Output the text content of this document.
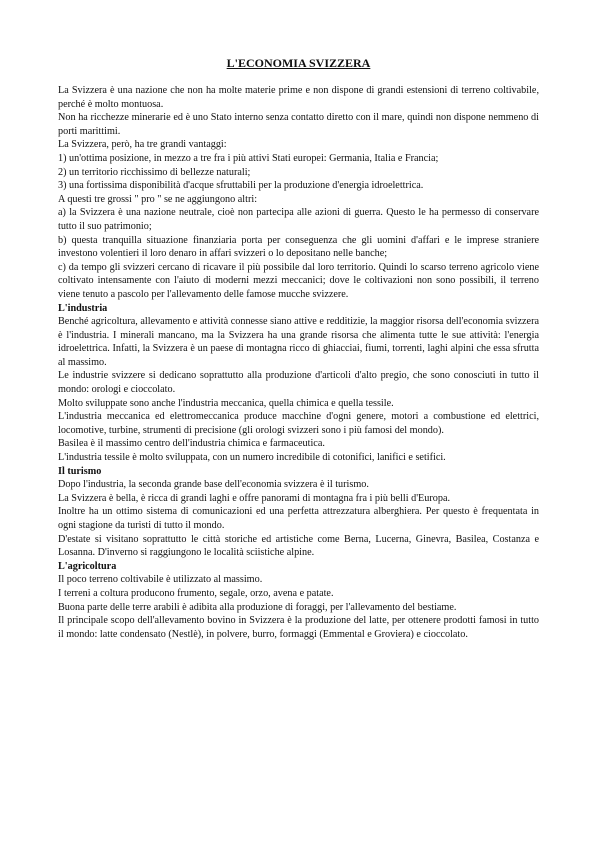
L'ECONOMIA SVIZZERA

La Svizzera è una nazione che non ha molte materie prime e non dispone di grandi estensioni di terreno coltivabile, perché è molto montuosa.

Non ha ricchezze minerarie ed è uno Stato interno senza contatto diretto con il mare, quindi non dispone nemmeno di porti marittimi.

La Svizzera, però, ha tre grandi vantaggi:

1) un'ottima posizione, in mezzo a tre fra i più attivi Stati europei: Germania, Italia e Francia;

2) un territorio ricchissimo di bellezze naturali;

3) una fortissima disponibilità d'acque sfruttabili per la produzione d'energia idroelettrica.

A questi tre grossi " pro " se ne aggiungono altri:

a) la Svizzera è una nazione neutrale, cioè non partecipa alle azioni di guerra. Questo le ha permesso di conservare tutto il suo patrimonio;

b) questa tranquilla situazione finanziaria porta per conseguenza che gli uomini d'affari e le imprese straniere investono volentieri il loro denaro in affari svizzeri o lo depositano nelle banche;

c) da tempo gli svizzeri cercano di ricavare il più possibile dal loro territorio. Quindi lo scarso terreno agricolo viene coltivato intensamente con l'aiuto di moderni mezzi meccanici; dove le coltivazioni non sono possibili, il terreno viene tenuto a pascolo per l'allevamento delle famose mucche svizzere.

L'industria

Benché agricoltura, allevamento e attività connesse siano attive e redditizie, la maggior risorsa dell'economia svizzera è l'industria. I minerali mancano, ma la Svizzera ha una grande risorsa che alimenta tutte le sue attività: l'energia idroelettrica. Infatti, la Svizzera è un paese di montagna ricco di ghiacciai, fiumi, torrenti, laghi alpini che essa sfrutta al massimo.

Le industrie svizzere si dedicano soprattutto alla produzione d'articoli d'alto pregio, che sono conosciuti in tutto il mondo: orologi e cioccolato.

Molto sviluppate sono anche l'industria meccanica, quella chimica e quella tessile.

L'industria meccanica ed elettromeccanica produce macchine d'ogni genere, motori a combustione ed elettrici, locomotive, turbine, strumenti di precisione (gli orologi svizzeri sono i più famosi del mondo).

Basilea è il massimo centro dell'industria chimica e farmaceutica.

L'industria tessile è molto sviluppata, con un numero incredibile di cotonifici, lanifici e setifici.

Il turismo

Dopo l'industria, la seconda grande base dell'economia svizzera è il turismo.

La Svizzera è bella, è ricca di grandi laghi e offre panorami di montagna fra i più belli d'Europa.

Inoltre ha un ottimo sistema di comunicazioni ed una perfetta attrezzatura alberghiera. Per questo è frequentata in ogni stagione da turisti di tutto il mondo.

D'estate si visitano soprattutto le città storiche ed artistiche come Berna, Lucerna, Ginevra, Basilea, Costanza e Losanna. D'inverno si raggiungono le località sciistiche alpine.

L'agricoltura

Il poco terreno coltivabile è utilizzato al massimo.

I terreni a coltura producono frumento, segale, orzo, avena e patate.

Buona parte delle terre arabili è adibita alla produzione di foraggi, per l'allevamento del bestiame.

Il principale scopo dell'allevamento bovino in Svizzera è la produzione del latte, per ottenere prodotti famosi in tutto il mondo: latte condensato (Nestlè), in polvere, burro, formaggi (Emmental e Groviera) e cioccolato.
